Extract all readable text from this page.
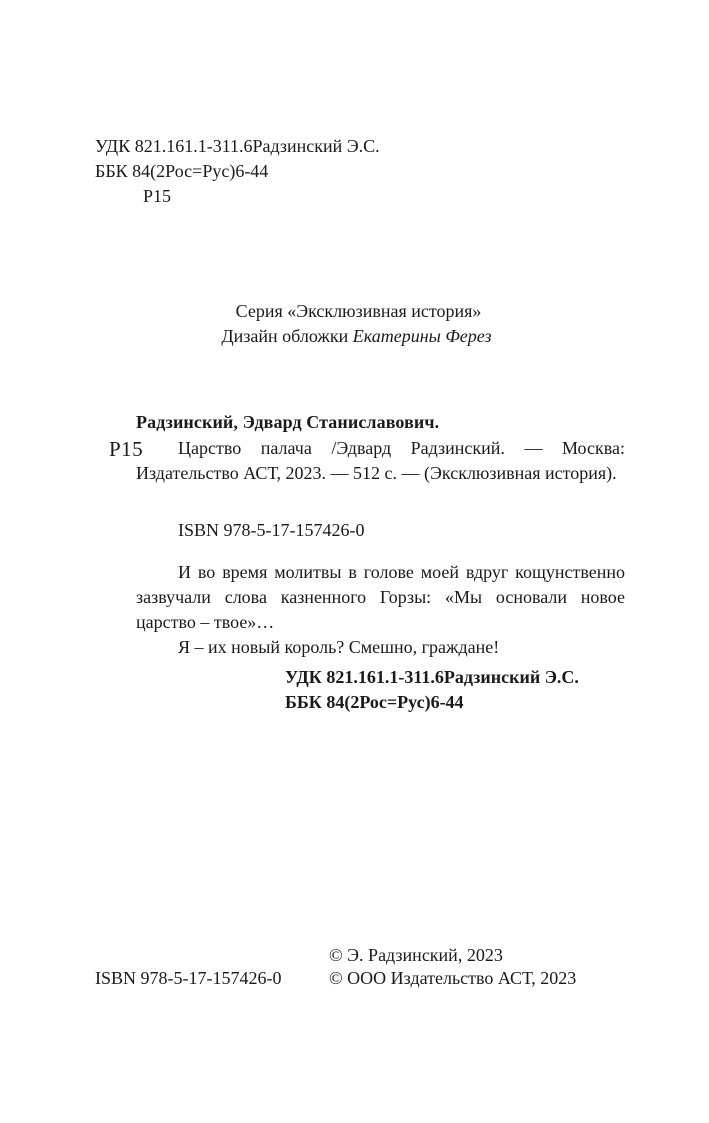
УДК 821.161.1-311.6Радзинский Э.С.
ББК 84(2Рос=Рус)6-44
Р15
Серия «Эксклюзивная история»
Дизайн обложки Екатерины Ферез
Радзинский, Эдвард Станиславович.
Р15	Царство палача /Эдвард Радзинский. — Москва: Издательство АСТ, 2023. — 512 с. — (Эксклюзивная история).
ISBN 978-5-17-157426-0

И во время молитвы в голове моей вдруг кощунственно зазвучали слова казненного Горзы: «Мы основали новое царство – твое»…

Я – их новый король? Смешно, граждане!

УДК 821.161.1-311.6Радзинский Э.С.
ББК 84(2Рос=Рус)6-44
© Э. Радзинский, 2023
ISBN 978-5-17-157426-0	© ООО Издательство АСТ, 2023
